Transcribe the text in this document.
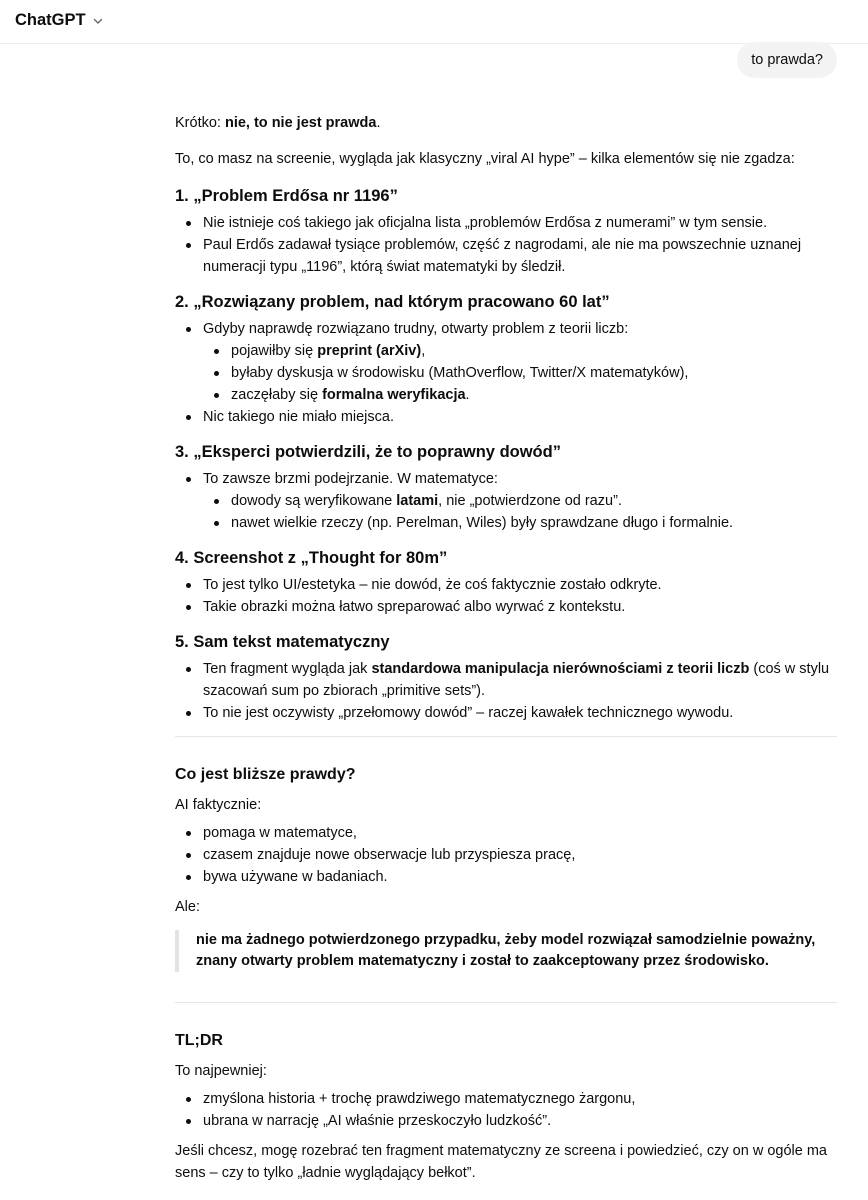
ChatGPT
to prawda?

Krótko: nie, to nie jest prawda.

To, co masz na screenie, wygląda jak klasyczny „viral AI hype” – kilka elementów się nie zgadza:

1. „Problem Erdősa nr 1196”
Nie istnieje coś takiego jak oficjalna lista „problemów Erdősa z numerami” w tym sensie.
Paul Erdős zadawał tysiące problemów, część z nagrodami, ale nie ma powszechnie uznanej numeracji typu „1196”, którą świat matematyki by śledził.
2. „Rozwiązany problem, nad którym pracowano 60 lat”
Gdyby naprawdę rozwiązano trudny, otwarty problem z teorii liczb:
pojawiłby się preprint (arXiv),
byłaby dyskusja w środowisku (MathOverflow, Twitter/X matematyków),
zaczęłaby się formalna weryfikacja.
Nic takiego nie miało miejsca.
3. „Eksperci potwierdzili, że to poprawny dowód”
To zawsze brzmi podejrzanie. W matematyce:
dowody są weryfikowane latami, nie „potwierdzone od razu”.
nawet wielkie rzeczy (np. Perelman, Wiles) były sprawdzane długo i formalnie.
4. Screenshot z „Thought for 80m”
To jest tylko UI/estetyka – nie dowód, że coś faktycznie zostało odkryte.
Takie obrazki można łatwo spreparować albo wyrwać z kontekstu.
5. Sam tekst matematyczny
Ten fragment wygląda jak standardowa manipulacja nierównościami z teorii liczb (coś w stylu szacowań sum po zbiorach „primitive sets”).
To nie jest oczywisty „przełomowy dowód” – raczej kawałek technicznego wywodu.
Co jest bliższe prawdy?

AI faktycznie:

pomaga w matematyce,
czasem znajduje nowe obserwacje lub przyspiesza pracę,
bywa używane w badaniach.

Ale:

nie ma żadnego potwierdzonego przypadku, żeby model rozwiązał samodzielnie poważny, znany otwarty problem matematyczny i został to zaakceptowany przez środowisko.
TL;DR

To najpewniej:

zmyślona historia + trochę prawdziwego matematycznego żargonu,
ubrana w narrację „AI właśnie przeskoczyło ludzkość”.

Jeśli chcesz, mogę rozebrać ten fragment matematyczny ze screena i powiedzieć, czy on w ogóle ma sens – czy to tylko „ładnie wyglądający bełkot”.
